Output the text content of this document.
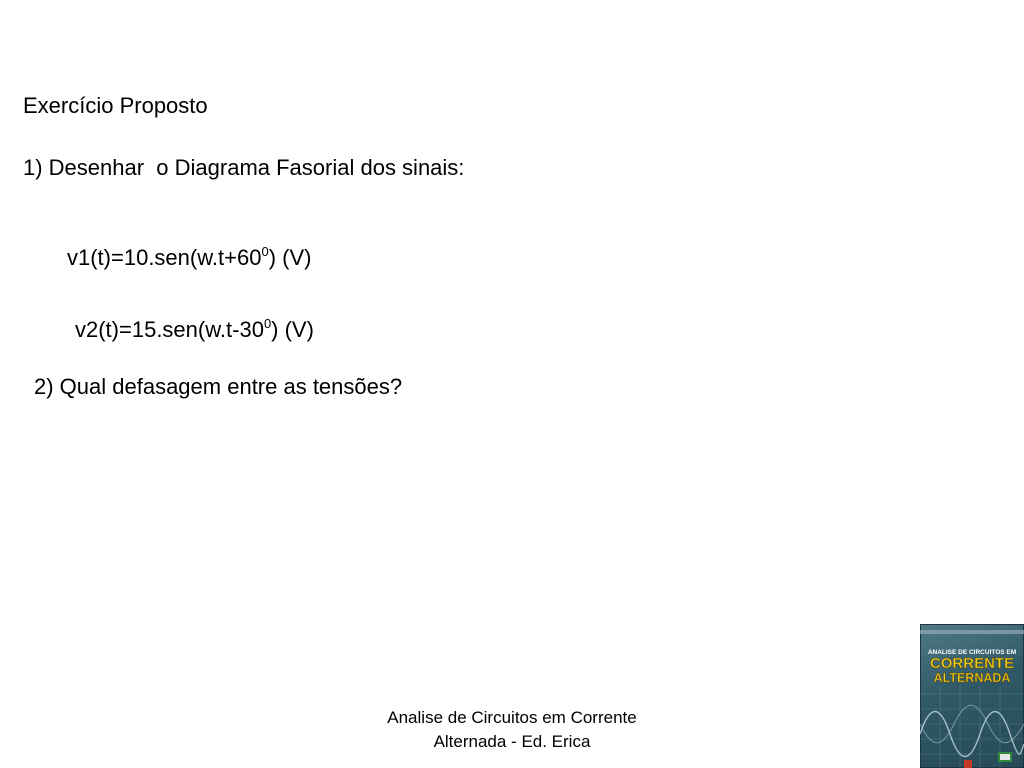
Exercício Proposto
1) Desenhar  o Diagrama Fasorial dos sinais:
$v1(t)=10.sen(w.t+60^0)$ (V)
$v2(t)=15.sen(w.t-30^0)$ (V)
2) Qual defasagem entre as tensões?
Analise de Circuitos em Corrente
Alternada - Ed. Erica
ANALISE DE CIRCUITOS EM
CORRENTE
ALTERNADA
